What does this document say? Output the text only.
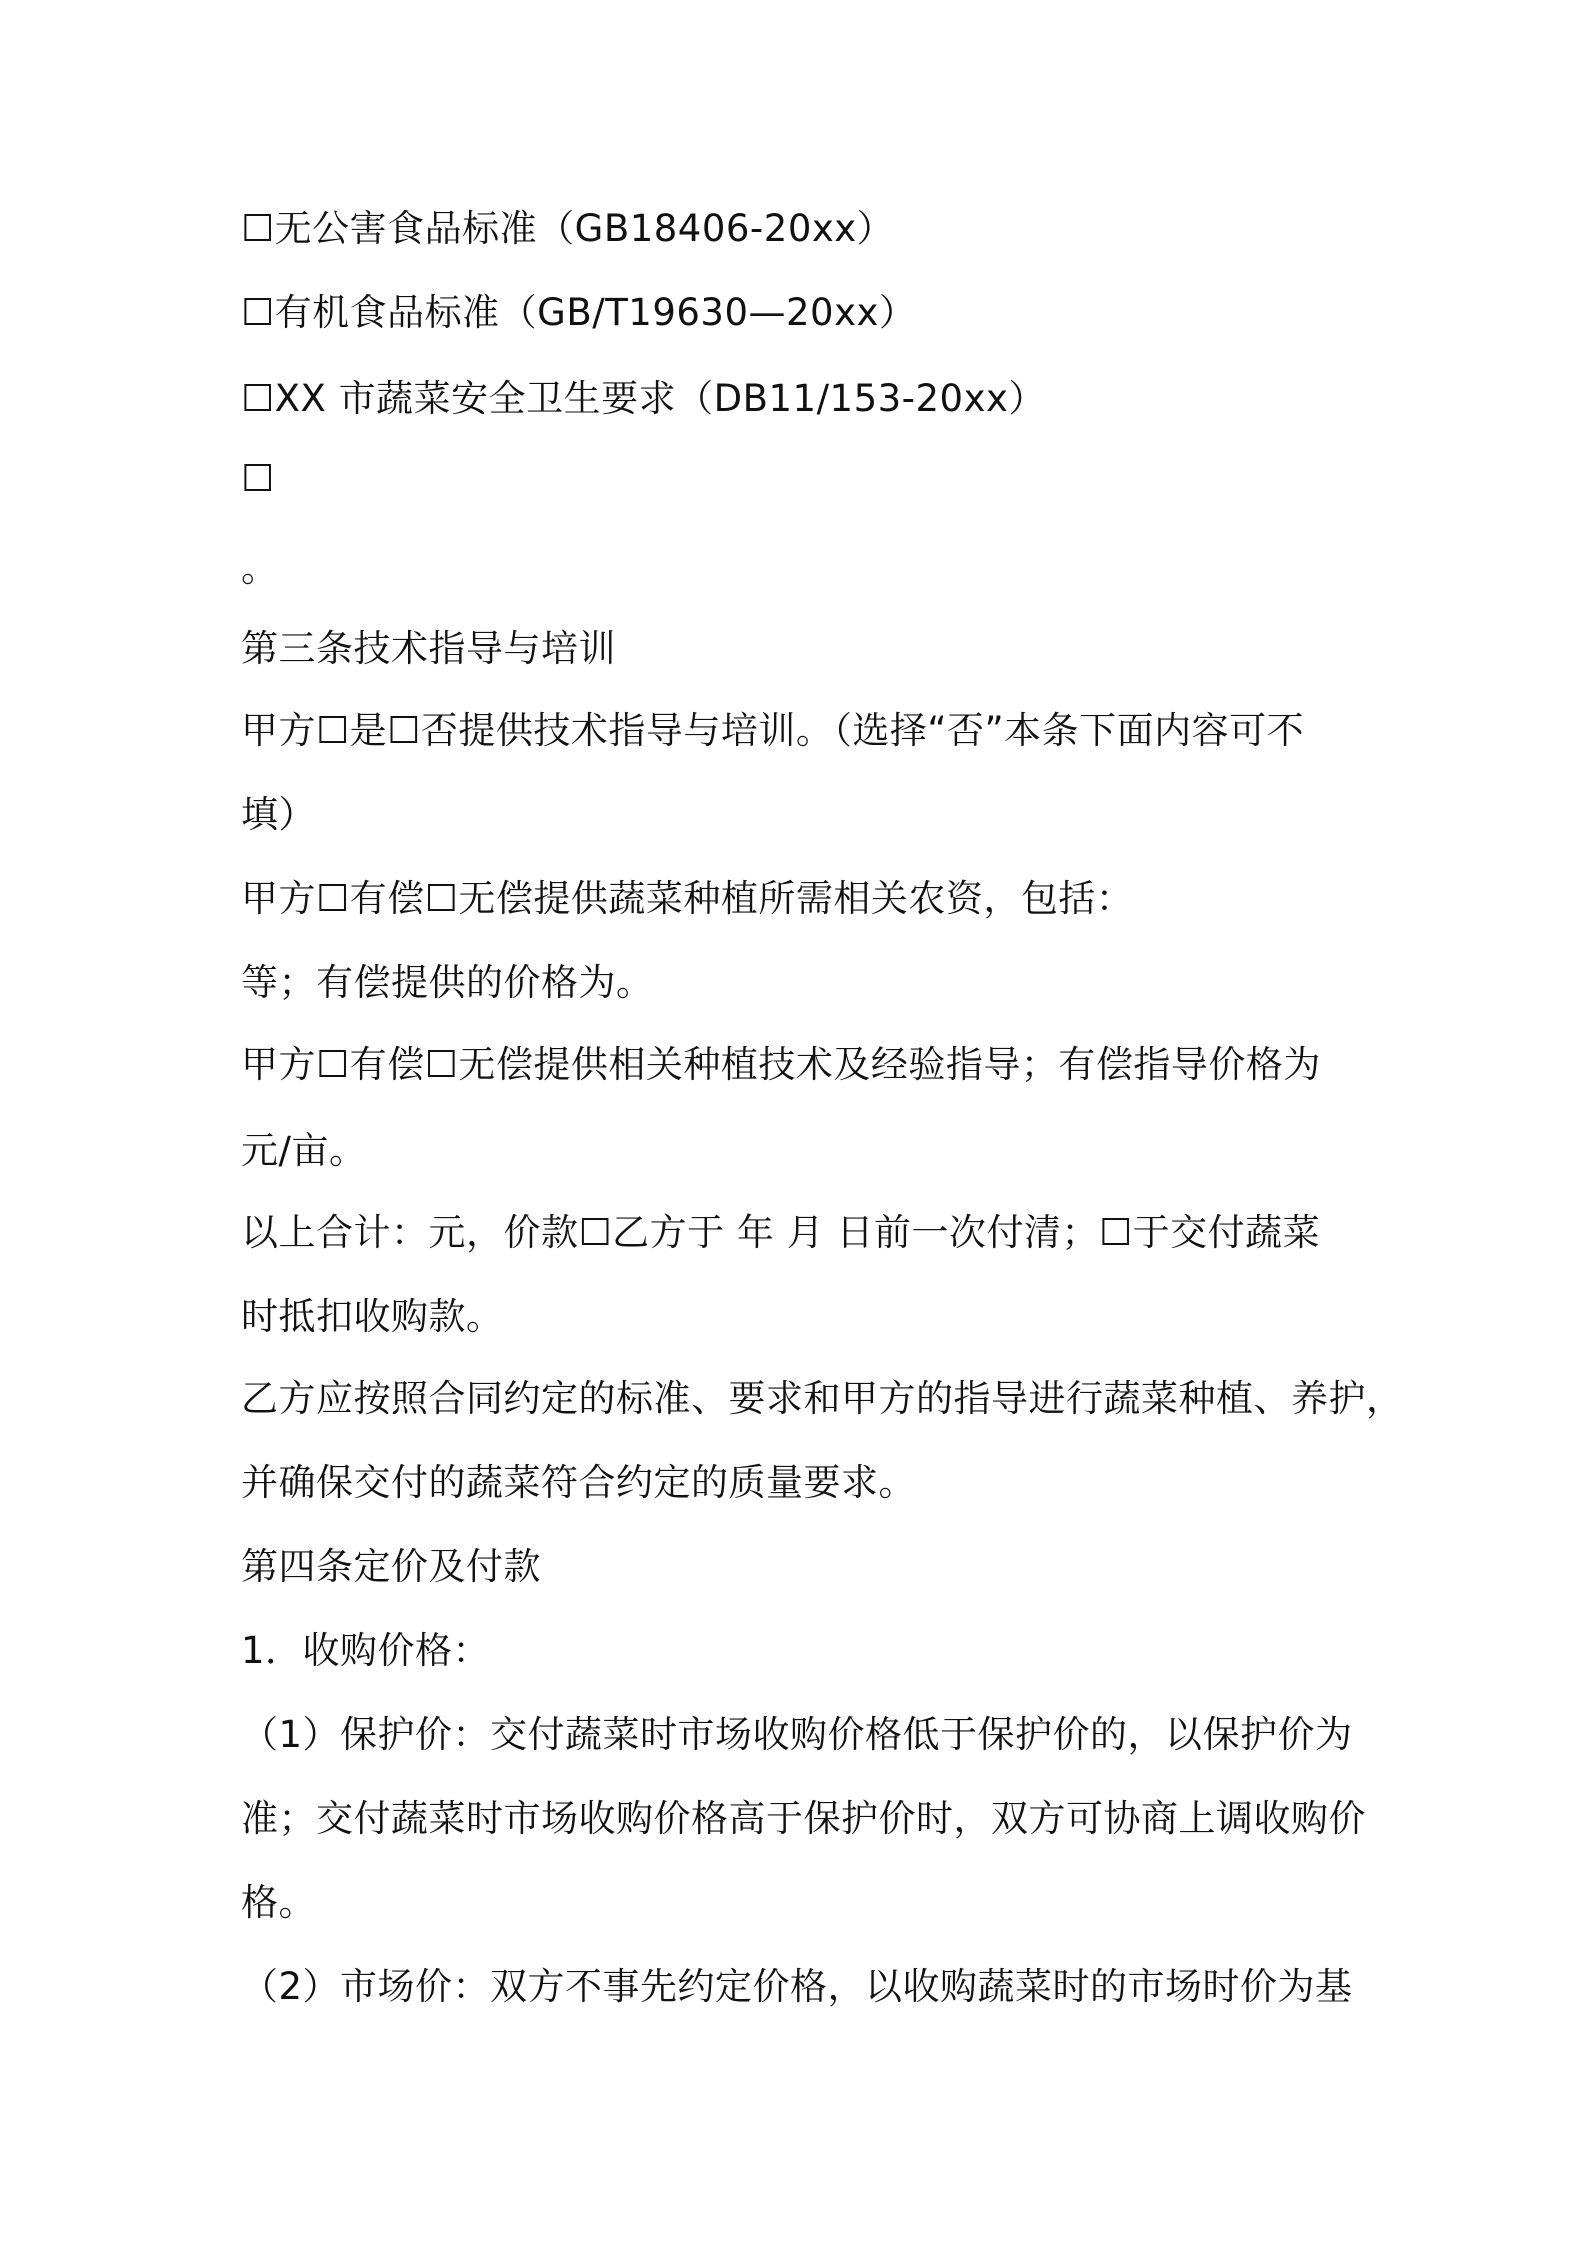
☐无公害食品标准（GB18406-20xx）
☐有机食品标准（GB/T19630—20xx）
☐XX 市蔬菜安全卫生要求（DB11/153-20xx）
☐
。
第三条技术指导与培训
甲方☐是☐否提供技术指导与培训。（选择“否”本条下面内容可不
填）
甲方☐有偿☐无偿提供蔬菜种植所需相关农资，包括：
等；有偿提供的价格为。
甲方☐有偿☐无偿提供相关种植技术及经验指导；有偿指导价格为
元/亩。
以上合计：元，价款☐乙方于 年 月 日前一次付清；☐于交付蔬菜
时抵扣收购款。
乙方应按照合同约定的标准、要求和甲方的指导进行蔬菜种植、养护，
并确保交付的蔬菜符合约定的质量要求。
第四条定价及付款
1．收购价格：
（1）保护价：交付蔬菜时市场收购价格低于保护价的，以保护价为
准；交付蔬菜时市场收购价格高于保护价时，双方可协商上调收购价
格。
（2）市场价：双方不事先约定价格，以收购蔬菜时的市场时价为基
